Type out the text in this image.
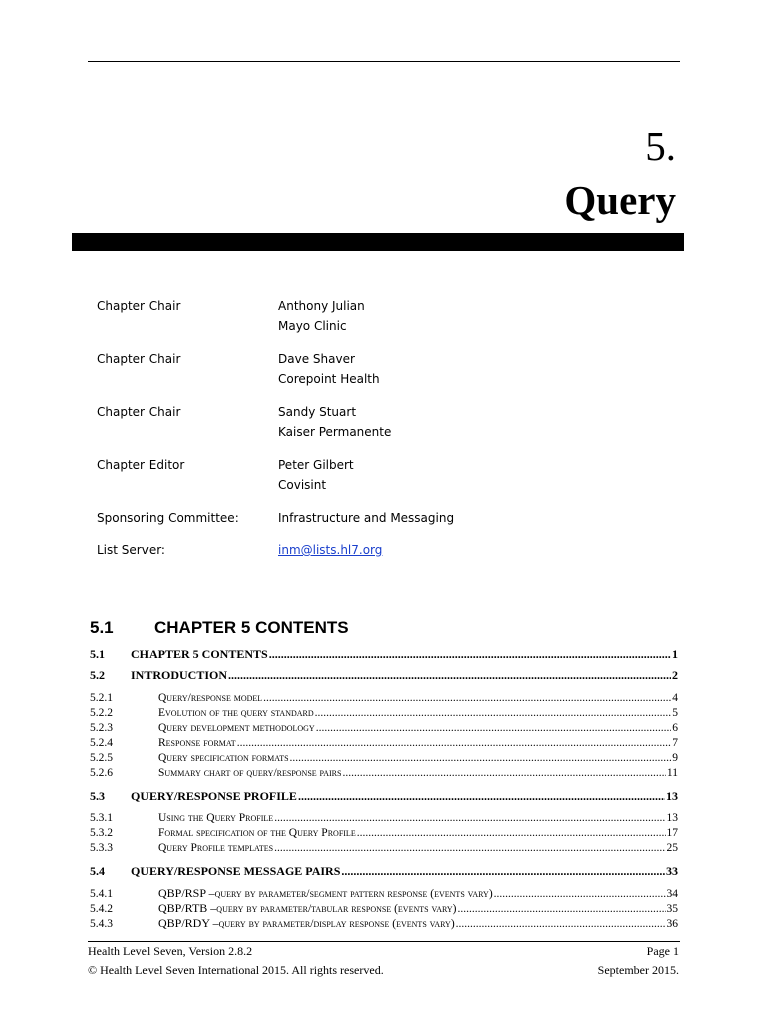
5.
Query
Chapter Chair	Anthony Julian
Mayo Clinic
Chapter Chair	Dave Shaver
Corepoint Health
Chapter Chair	Sandy Stuart
Kaiser Permanente
Chapter Editor	Peter Gilbert
Covisint
Sponsoring Committee:	Infrastructure and Messaging
List Server:	inm@lists.hl7.org
5.1 CHAPTER 5 CONTENTS
5.1	CHAPTER 5 CONTENTS .....	1
5.2	INTRODUCTION .....	2
5.2.1	Query/response model .....	4
5.2.2	Evolution of the query standard .....	5
5.2.3	Query development methodology .....	6
5.2.4	Response format .....	7
5.2.5	Query specification formats .....	9
5.2.6	Summary chart of query/response pairs .....	11
5.3	QUERY/RESPONSE PROFILE .....	13
5.3.1	Using the Query Profile .....	13
5.3.2	Formal specification of the Query Profile .....	17
5.3.3	Query Profile templates .....	25
5.4	QUERY/RESPONSE MESSAGE PAIRS .....	33
5.4.1	QBP/RSP – query by parameter/segment pattern response (events vary) .....	34
5.4.2	QBP/RTB – query by parameter/tabular response (events vary) .....	35
5.4.3	QBP/RDY – query by parameter/display response (events vary) .....	36
Health Level Seven, Version 2.8.2	Page 1
© Health Level Seven International 2015. All rights reserved.	September 2015.
